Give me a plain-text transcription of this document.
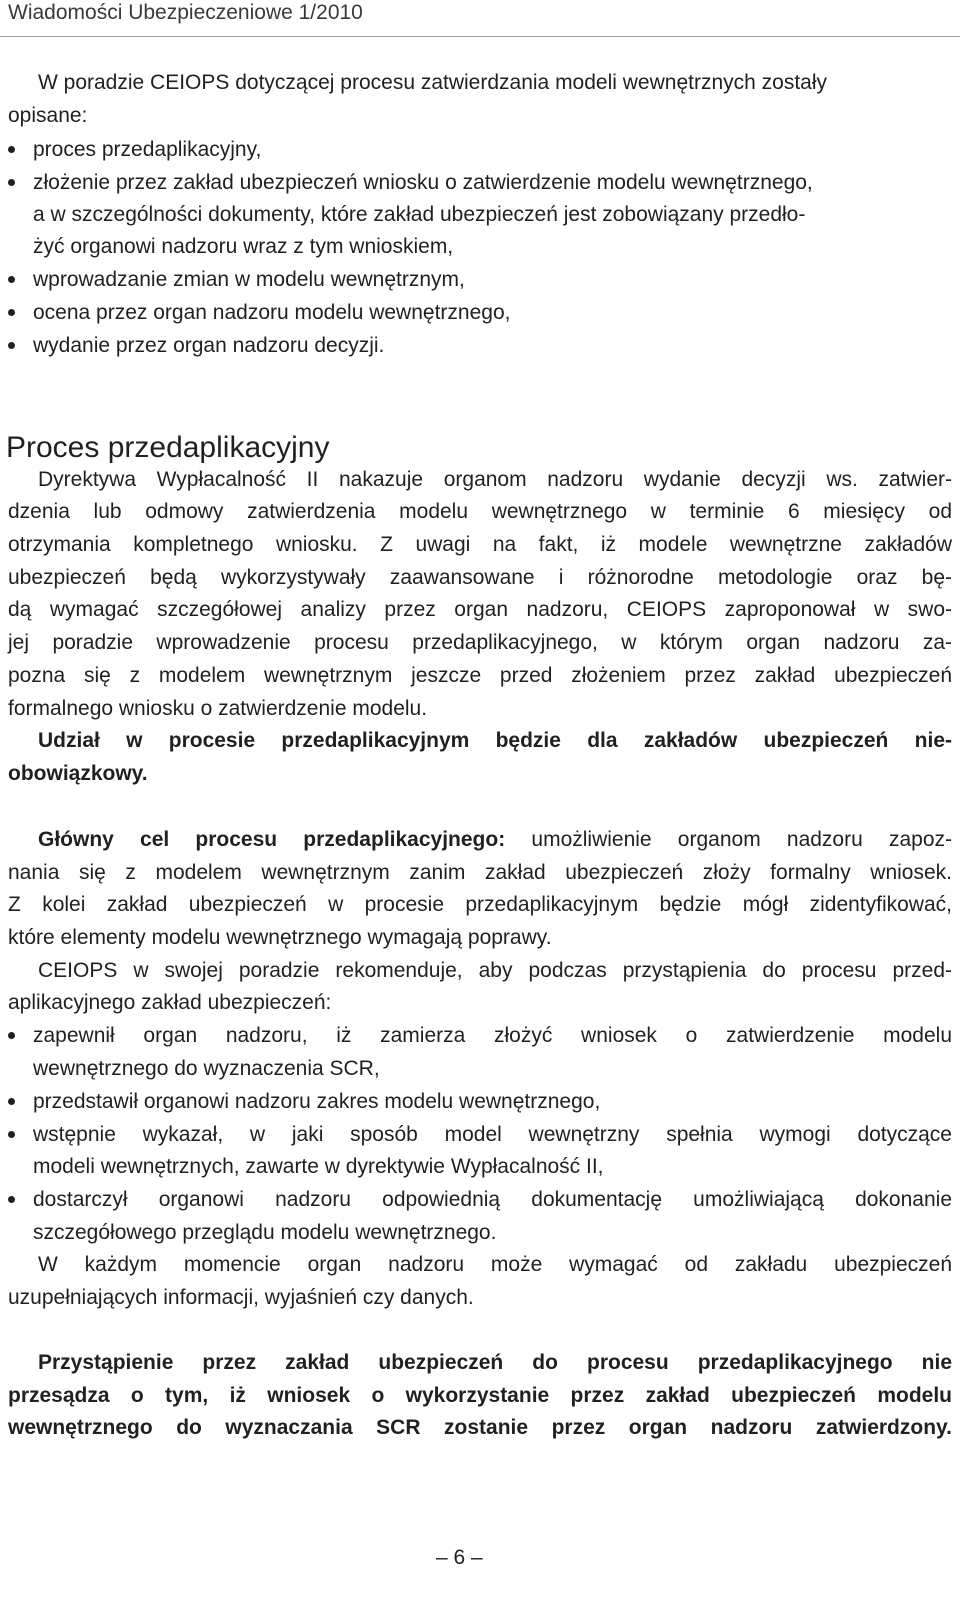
Wiadomości Ubezpieczeniowe 1/2010
W poradzie CEIOPS dotyczącej procesu zatwierdzania modeli wewnętrznych zostały
opisane:
proces przedaplikacyjny,
złożenie przez zakład ubezpieczeń wniosku o zatwierdzenie modelu wewnętrznego,
a w szczególności dokumenty, które zakład ubezpieczeń jest zobowiązany przedło-
żyć organowi nadzoru wraz z tym wnioskiem,
wprowadzanie zmian w modelu wewnętrznym,
ocena przez organ nadzoru modelu wewnętrznego,
wydanie przez organ nadzoru decyzji.
Proces przedaplikacyjny
Dyrektywa Wypłacalność II nakazuje organom nadzoru wydanie decyzji ws. zatwier-
dzenia lub odmowy zatwierdzenia modelu wewnętrznego w terminie 6 miesięcy od
otrzymania kompletnego wniosku. Z uwagi na fakt, iż modele wewnętrzne zakładów
ubezpieczeń będą wykorzystywały zaawansowane i różnorodne metodologie oraz bę-
dą wymagać szczegółowej analizy przez organ nadzoru, CEIOPS zaproponował w swo-
jej poradzie wprowadzenie procesu przedaplikacyjnego, w którym organ nadzoru za-
pozna się z modelem wewnętrznym jeszcze przed złożeniem przez zakład ubezpieczeń
formalnego wniosku o zatwierdzenie modelu.
Udział w procesie przedaplikacyjnym będzie dla zakładów ubezpieczeń nie-
obowiązkowy.
Główny cel procesu przedaplikacyjnego: umożliwienie organom nadzoru zapoz-
nania się z modelem wewnętrznym zanim zakład ubezpieczeń złoży formalny wniosek.
Z kolei zakład ubezpieczeń w procesie przedaplikacyjnym będzie mógł zidentyfikować,
które elementy modelu wewnętrznego wymagają poprawy.
CEIOPS w swojej poradzie rekomenduje, aby podczas przystąpienia do procesu przed-
aplikacyjnego zakład ubezpieczeń:
zapewnił organ nadzoru, iż zamierza złożyć wniosek o zatwierdzenie modelu
wewnętrznego do wyznaczenia SCR,
przedstawił organowi nadzoru zakres modelu wewnętrznego,
wstępnie wykazał, w jaki sposób model wewnętrzny spełnia wymogi dotyczące
modeli wewnętrznych, zawarte w dyrektywie Wypłacalność II,
dostarczył organowi nadzoru odpowiednią dokumentację umożliwiającą dokonanie
szczegółowego przeglądu modelu wewnętrznego.
W każdym momencie organ nadzoru może wymagać od zakładu ubezpieczeń
uzupełniających informacji, wyjaśnień czy danych.
Przystąpienie przez zakład ubezpieczeń do procesu przedaplikacyjnego nie
przesądza o tym, iż wniosek o wykorzystanie przez zakład ubezpieczeń modelu
wewnętrznego do wyznaczania SCR zostanie przez organ nadzoru zatwierdzony.
– 6 –
